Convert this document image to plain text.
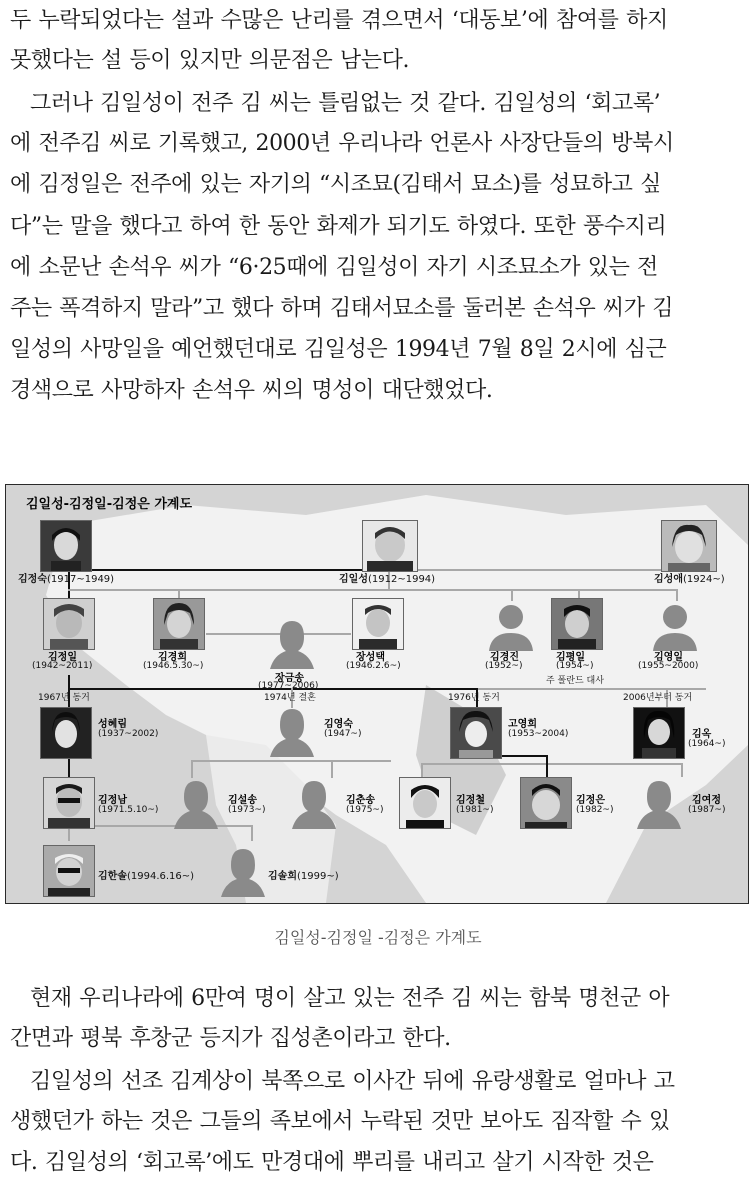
두 누락되었다는 설과 수많은 난리를 겪으면서 ‘대동보’에 참여를 하지
못했다는 설 등이 있지만 의문점은 남는다.
그러나 김일성이 전주 김 씨는 틀림없는 것 같다. 김일성의 ‘회고록’
에 전주김 씨로 기록했고, 2000년 우리나라 언론사 사장단들의 방북시
에 김정일은 전주에 있는 자기의 “시조묘(김태서 묘소)를 성묘하고 싶
다”는 말을 했다고 하여 한 동안 화제가 되기도 하였다. 또한 풍수지리
에 소문난 손석우 씨가 “6·25때에 김일성이 자기 시조묘소가 있는 전
주는 폭격하지 말라”고 했다 하며 김태서묘소를 둘러본 손석우 씨가 김
일성의 사망일을 예언했던대로 김일성은 1994년 7월 8일 2시에 심근
경색으로 사망하자 손석우 씨의 명성이 대단했었다.
김일성-김정일-김정은 가계도
김정숙(1917~1949)	김일성(1912~1994)	김성애(1924~)
김정일
(1942~2011)
김경희
(1946.5.30~)
장금송
(1977~2006)
장성택
(1946.2.6~)
김경진
(1952~)
김평일
(1954~)
주 폴란드 대사
김영일
(1955~2000)
1967년 동거	1974년 결혼	1976년 동거	2006년부터 동거
성혜림
(1937~2002)
김영숙
(1947~)
고영희
(1953~2004)	김옥
(1964~)
김정남
(1971.5.10~)
김설송
(1973~)
김춘송
(1975~)
김정철
(1981~)
김정은
(1982~)
김여정
(1987~)
김한솔(1994.6.16~)	김솔희(1999~)
김일성-김정일 -김정은 가계도
현재 우리나라에 6만여 명이 살고 있는 전주 김 씨는 함북 명천군 아
간면과 평북 후창군 등지가 집성촌이라고 한다.
김일성의 선조 김계상이 북쪽으로 이사간 뒤에 유랑생활로 얼마나 고
생했던가 하는 것은 그들의 족보에서 누락된 것만 보아도 짐작할 수 있
다. 김일성의 ‘회고록’에도 만경대에 뿌리를 내리고 살기 시작한 것은
